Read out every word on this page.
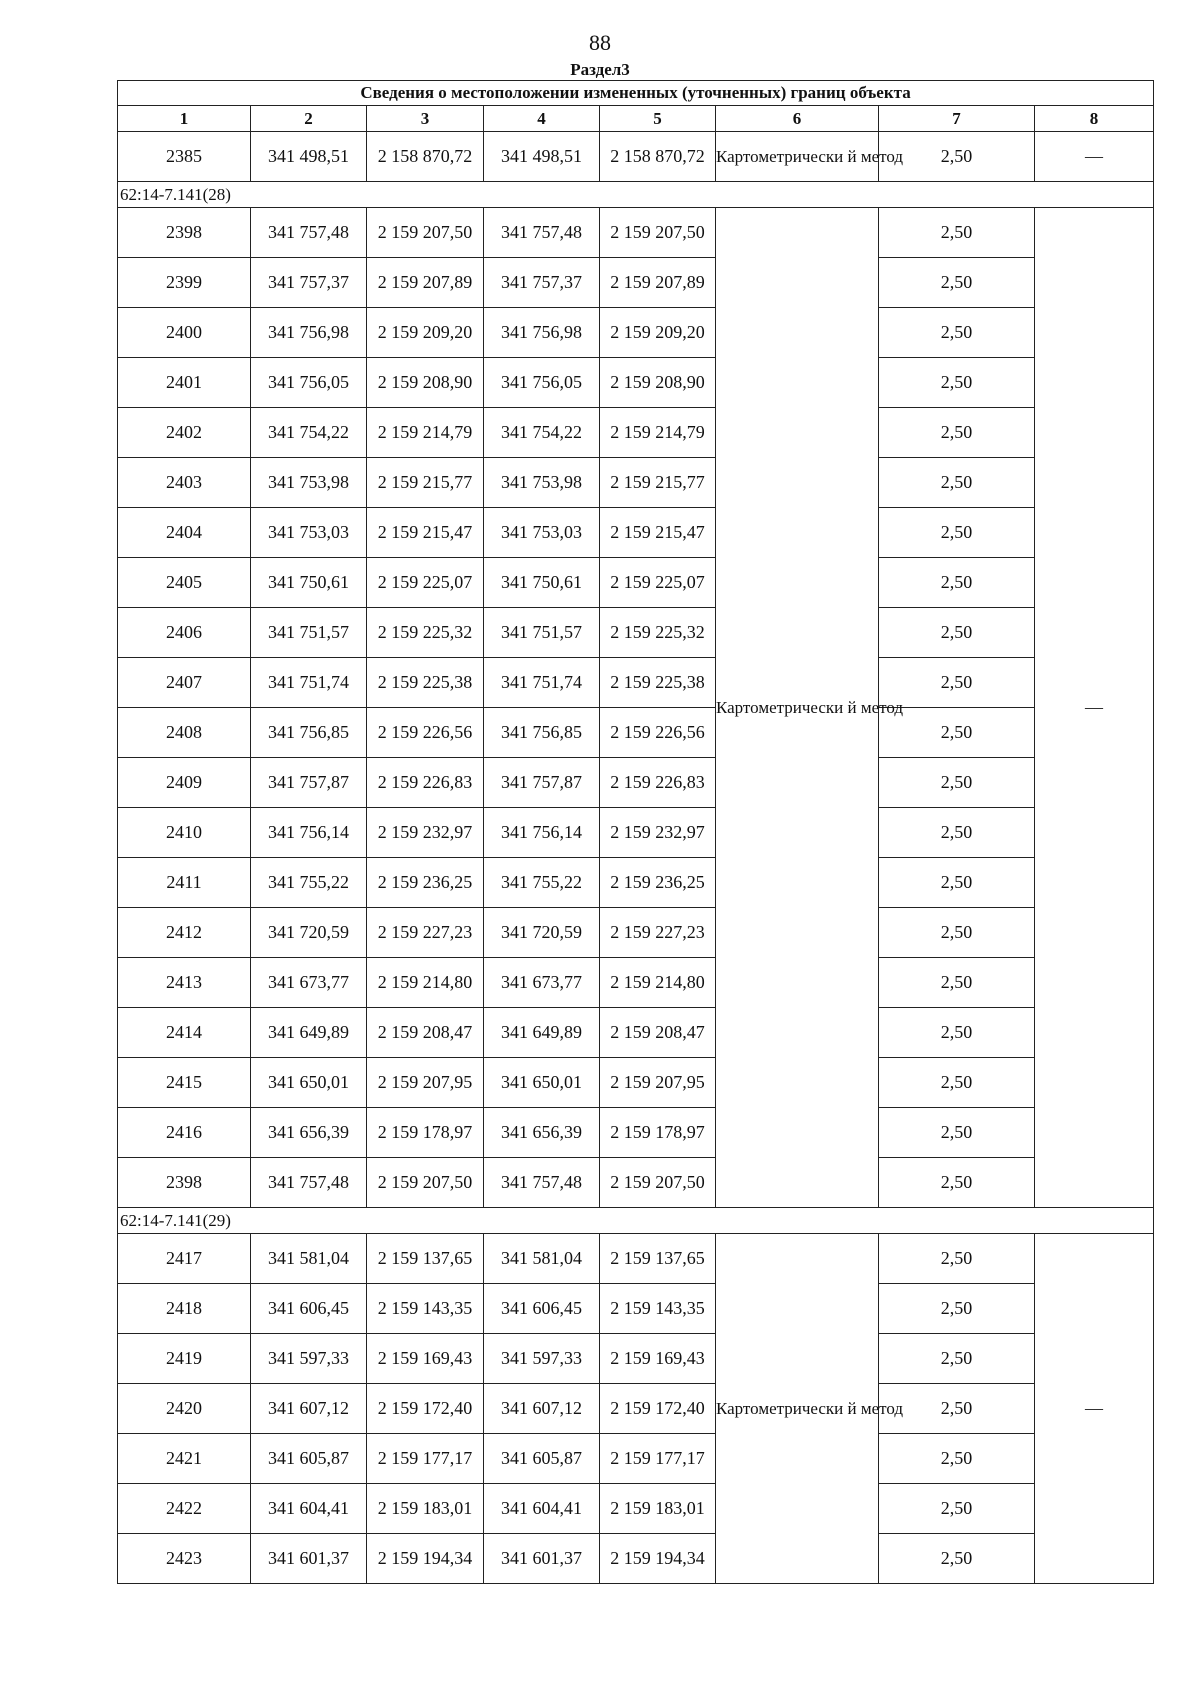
88
Раздел3
Сведения о местоположении измененных (уточненных) границ объекта							
1	2	3	4	5	6	7	8
2385	341 498,51	2 158 870,72	341 498,51	2 158 870,72	Картометрически й метод	2,50	—
62:14-7.141(28)							
2398	341 757,48	2 159 207,50	341 757,48	2 159 207,50	Картометрически й метод	2,50	—
2399	341 757,37	2 159 207,89	341 757,37	2 159 207,89		2,50	
2400	341 756,98	2 159 209,20	341 756,98	2 159 209,20		2,50	
2401	341 756,05	2 159 208,90	341 756,05	2 159 208,90		2,50	
2402	341 754,22	2 159 214,79	341 754,22	2 159 214,79		2,50	
2403	341 753,98	2 159 215,77	341 753,98	2 159 215,77		2,50	
2404	341 753,03	2 159 215,47	341 753,03	2 159 215,47		2,50	
2405	341 750,61	2 159 225,07	341 750,61	2 159 225,07		2,50	
2406	341 751,57	2 159 225,32	341 751,57	2 159 225,32		2,50	
2407	341 751,74	2 159 225,38	341 751,74	2 159 225,38		2,50	
2408	341 756,85	2 159 226,56	341 756,85	2 159 226,56		2,50	
2409	341 757,87	2 159 226,83	341 757,87	2 159 226,83		2,50	
2410	341 756,14	2 159 232,97	341 756,14	2 159 232,97		2,50	
2411	341 755,22	2 159 236,25	341 755,22	2 159 236,25		2,50	
2412	341 720,59	2 159 227,23	341 720,59	2 159 227,23		2,50	
2413	341 673,77	2 159 214,80	341 673,77	2 159 214,80		2,50	
2414	341 649,89	2 159 208,47	341 649,89	2 159 208,47		2,50	
2415	341 650,01	2 159 207,95	341 650,01	2 159 207,95		2,50	
2416	341 656,39	2 159 178,97	341 656,39	2 159 178,97		2,50	
2398	341 757,48	2 159 207,50	341 757,48	2 159 207,50		2,50	
62:14-7.141(29)							
2417	341 581,04	2 159 137,65	341 581,04	2 159 137,65	Картометрически й метод	2,50	—
2418	341 606,45	2 159 143,35	341 606,45	2 159 143,35		2,50	
2419	341 597,33	2 159 169,43	341 597,33	2 159 169,43		2,50	
2420	341 607,12	2 159 172,40	341 607,12	2 159 172,40		2,50	
2421	341 605,87	2 159 177,17	341 605,87	2 159 177,17		2,50	
2422	341 604,41	2 159 183,01	341 604,41	2 159 183,01		2,50	
2423	341 601,37	2 159 194,34	341 601,37	2 159 194,34		2,50	
